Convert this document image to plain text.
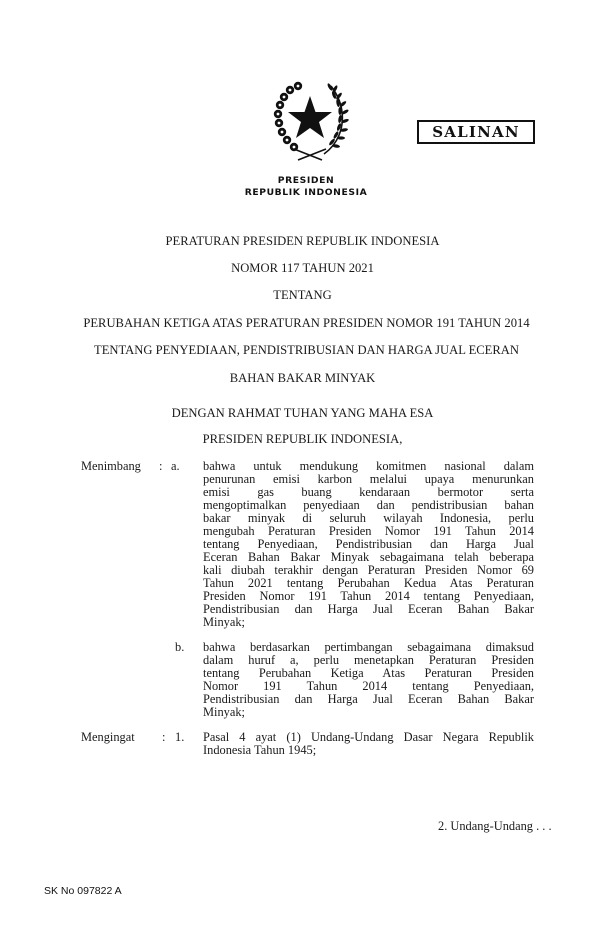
SALINAN
PRESIDEN
REPUBLIK INDONESIA
PERATURAN PRESIDEN REPUBLIK INDONESIA
NOMOR 117 TAHUN 2021
TENTANG
PERUBAHAN KETIGA ATAS PERATURAN PRESIDEN NOMOR 191 TAHUN 2014
TENTANG PENYEDIAAN, PENDISTRIBUSIAN DAN HARGA JUAL ECERAN
BAHAN BAKAR MINYAK
DENGAN RAHMAT TUHAN YANG MAHA ESA
PRESIDEN REPUBLIK INDONESIA,
Menimbang : a. bahwa untuk mendukung komitmen nasional dalam
penurunan emisi karbon melalui upaya menurunkan
emisi gas buang kendaraan bermotor serta
mengoptimalkan penyediaan dan pendistribusian bahan
bakar minyak di seluruh wilayah Indonesia, perlu
mengubah Peraturan Presiden Nomor 191 Tahun 2014
tentang Penyediaan, Pendistribusian dan Harga Jual
Eceran Bahan Bakar Minyak sebagaimana telah beberapa
kali diubah terakhir dengan Peraturan Presiden Nomor 69
Tahun 2021 tentang Perubahan Kedua Atas Peraturan
Presiden Nomor 191 Tahun 2014 tentang Penyediaan,
Pendistribusian dan Harga Jual Eceran Bahan Bakar
Minyak;
b. bahwa berdasarkan pertimbangan sebagaimana dimaksud
dalam huruf a, perlu menetapkan Peraturan Presiden
tentang Perubahan Ketiga Atas Peraturan Presiden
Nomor 191 Tahun 2014 tentang Penyediaan,
Pendistribusian dan Harga Jual Eceran Bahan Bakar
Minyak;
Mengingat : 1. Pasal 4 ayat (1) Undang-Undang Dasar Negara Republik
Indonesia Tahun 1945;
2. Undang-Undang . . .
SK No 097822 A
